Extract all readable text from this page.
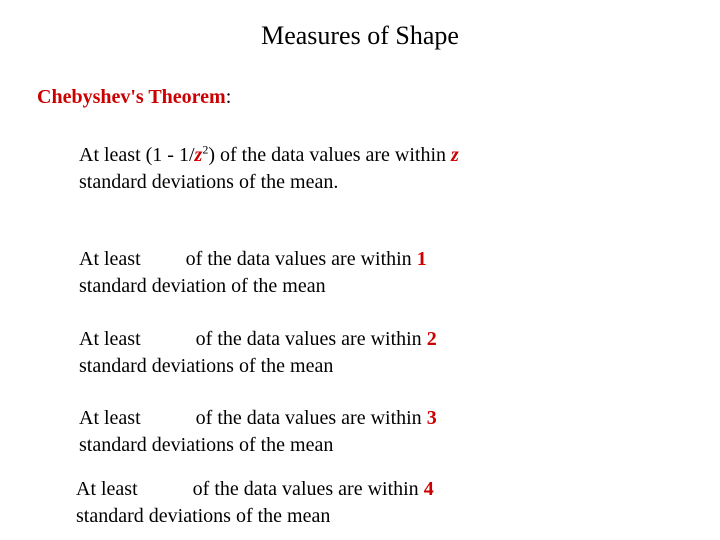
Measures of Shape
Chebyshev's Theorem:
At least $(1 - 1/z^2)$ of the data values are within z
standard deviations of the mean.
At least of the data values are within 1
standard deviation of the mean
At least	of the data values are within 2
standard deviations of the mean
At least	of the data values are within 3
standard deviations of the mean
At least	of the data values are within 4
standard deviations of the mean
